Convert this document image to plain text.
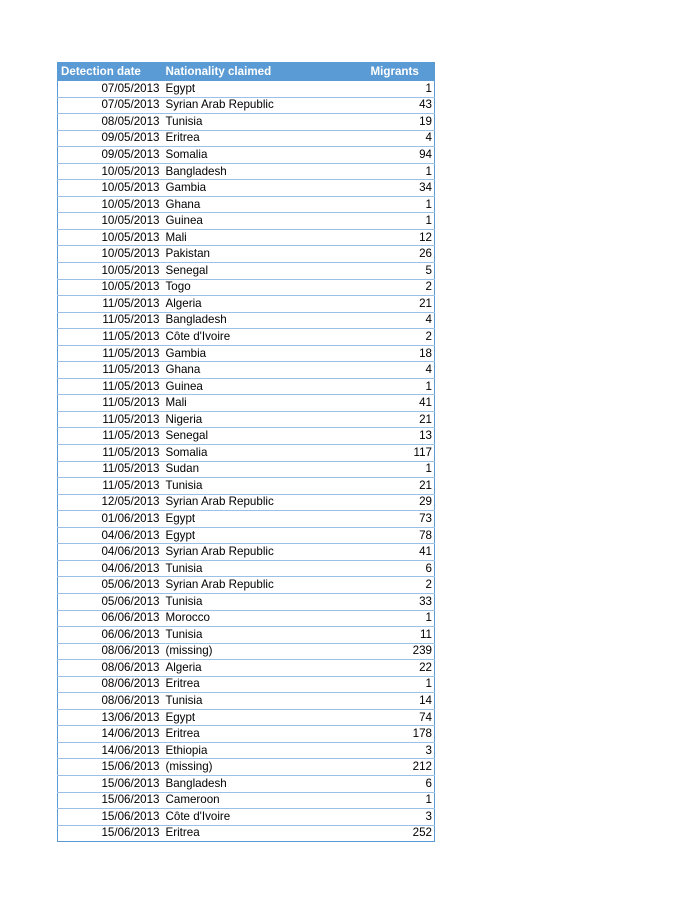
Detection date	Nationality claimed	Migrants
07/05/2013	Egypt	1
07/05/2013	Syrian Arab Republic	43
08/05/2013	Tunisia	19
09/05/2013	Eritrea	4
09/05/2013	Somalia	94
10/05/2013	Bangladesh	1
10/05/2013	Gambia	34
10/05/2013	Ghana	1
10/05/2013	Guinea	1
10/05/2013	Mali	12
10/05/2013	Pakistan	26
10/05/2013	Senegal	5
10/05/2013	Togo	2
11/05/2013	Algeria	21
11/05/2013	Bangladesh	4
11/05/2013	Côte d'Ivoire	2
11/05/2013	Gambia	18
11/05/2013	Ghana	4
11/05/2013	Guinea	1
11/05/2013	Mali	41
11/05/2013	Nigeria	21
11/05/2013	Senegal	13
11/05/2013	Somalia	117
11/05/2013	Sudan	1
11/05/2013	Tunisia	21
12/05/2013	Syrian Arab Republic	29
01/06/2013	Egypt	73
04/06/2013	Egypt	78
04/06/2013	Syrian Arab Republic	41
04/06/2013	Tunisia	6
05/06/2013	Syrian Arab Republic	2
05/06/2013	Tunisia	33
06/06/2013	Morocco	1
06/06/2013	Tunisia	11
08/06/2013	(missing)	239
08/06/2013	Algeria	22
08/06/2013	Eritrea	1
08/06/2013	Tunisia	14
13/06/2013	Egypt	74
14/06/2013	Eritrea	178
14/06/2013	Ethiopia	3
15/06/2013	(missing)	212
15/06/2013	Bangladesh	6
15/06/2013	Cameroon	1
15/06/2013	Côte d'Ivoire	3
15/06/2013	Eritrea	252
